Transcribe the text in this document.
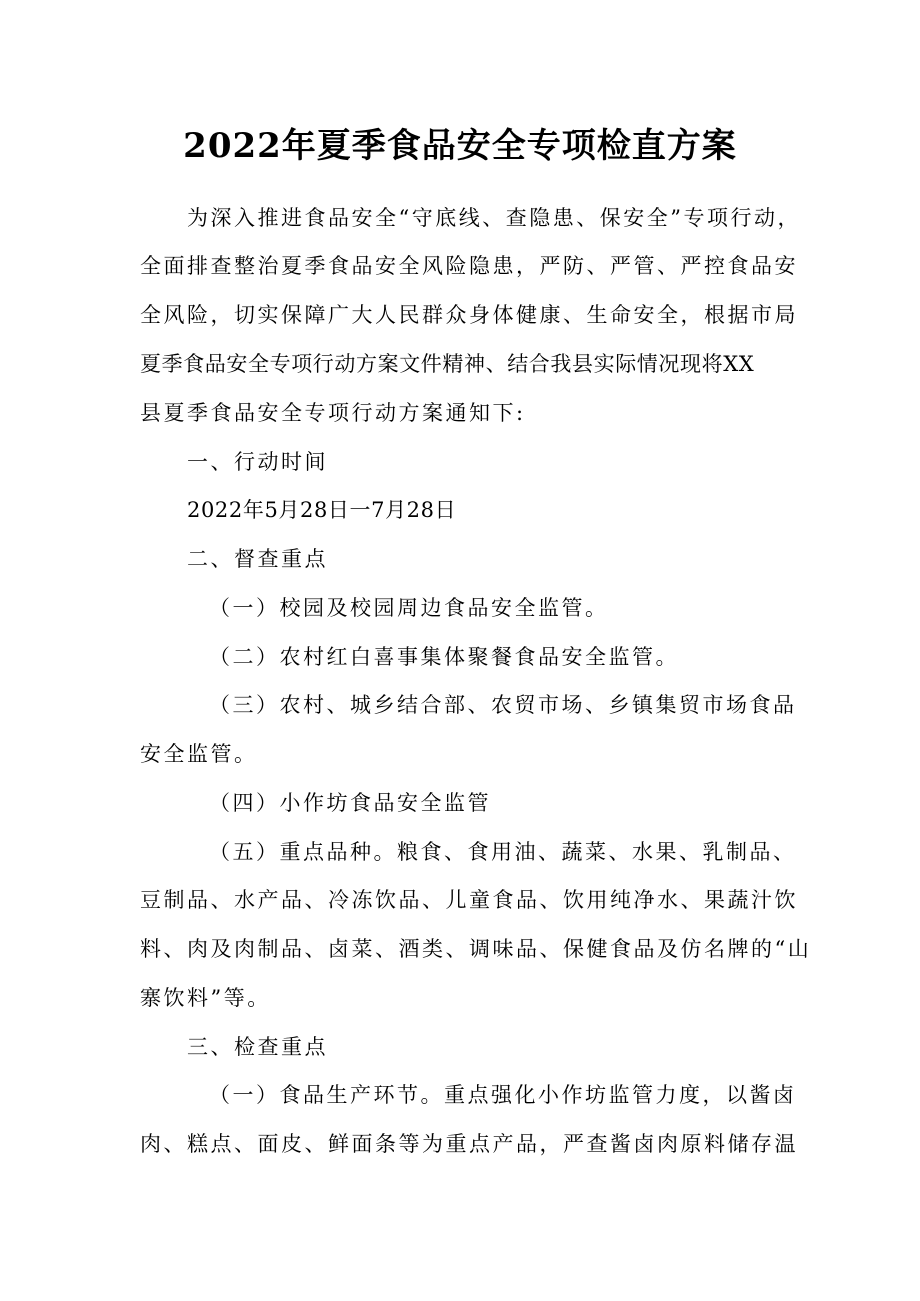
2022年夏季食品安全专项检直方案

为深入推进食品安全“守底线、查隐患、保安全”专项行动，

全面排查整治夏季食品安全风险隐患，严防、严管、严控食品安

全风险，切实保障广大人民群众身体健康、生命安全，根据市局

夏季食品安全专项行动方案文件精神、结合我县实际情况现将XX

县夏季食品安全专项行动方案通知下:

一、行动时间

2022年5月28日一7月28日

二、督查重点

（一）校园及校园周边食品安全监管。

（二）农村红白喜事集体聚餐食品安全监管。

（三）农村、城乡结合部、农贸市场、乡镇集贸市场食品

安全监管。

（四）小作坊食品安全监管

（五）重点品种。粮食、食用油、蔬菜、水果、乳制品、

豆制品、水产品、冷冻饮品、儿童食品、饮用纯净水、果蔬汁饮

料、肉及肉制品、卤菜、酒类、调味品、保健食品及仿名牌的“山

寨饮料”等。

三、检查重点

（一）食品生产环节。重点强化小作坊监管力度，以酱卤

肉、糕点、面皮、鲜面条等为重点产品，严查酱卤肉原料储存温
